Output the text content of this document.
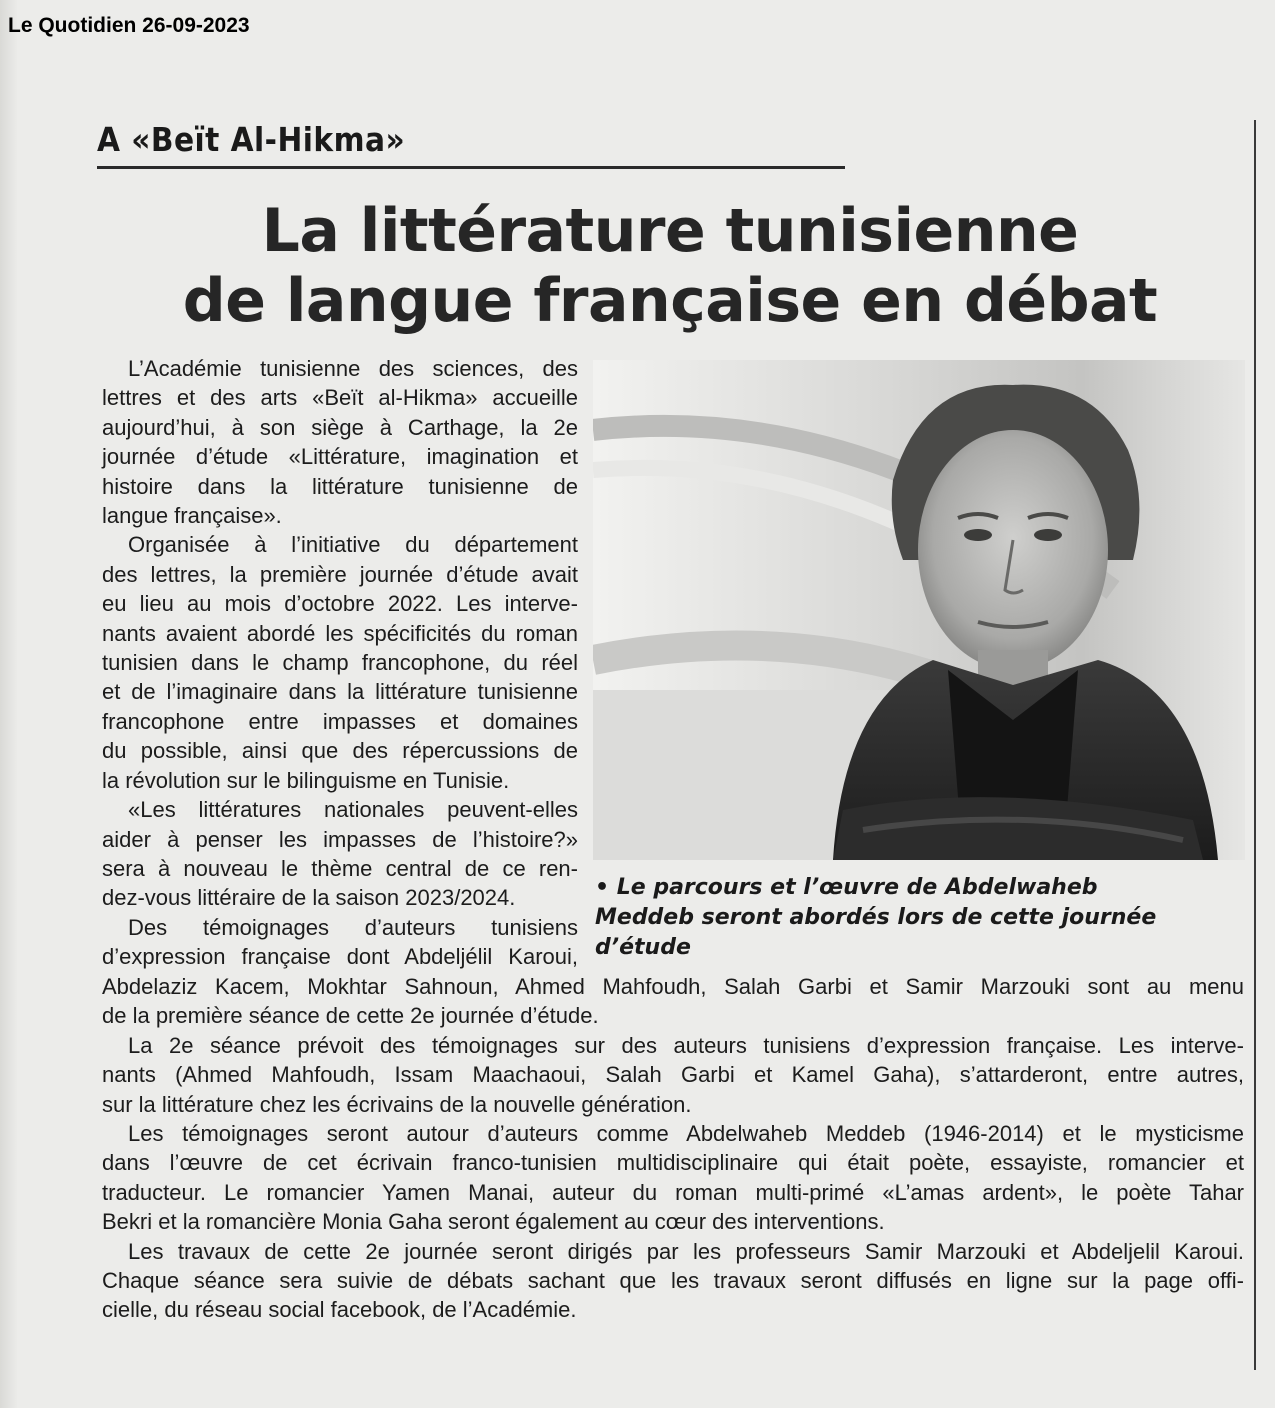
Le Quotidien 26-09-2023
A «Beït Al-Hikma»
La littérature tunisienne
de langue française en débat
• Le parcours et l’œuvre de Abdelwaheb
Meddeb seront abordés lors de cette journée
d’étude
L’Académie tunisienne des sciences, des
lettres et des arts «Beït al-Hikma» accueille
aujourd’hui, à son siège à Carthage, la 2e
journée d’étude «Littérature, imagination et
histoire dans la littérature tunisienne de
langue française».
Organisée à l’initiative du département
des lettres, la première journée d’étude avait
eu lieu au mois d’octobre 2022. Les interve-
nants avaient abordé les spécificités du roman
tunisien dans le champ francophone, du réel
et de l’imaginaire dans la littérature tunisienne
francophone entre impasses et domaines
du possible, ainsi que des répercussions de
la révolution sur le bilinguisme en Tunisie.
«Les littératures nationales peuvent-elles
aider à penser les impasses de l’histoire?»
sera à nouveau le thème central de ce ren-
dez-vous littéraire de la saison 2023/2024.
Des témoignages d’auteurs tunisiens
d’expression française dont Abdeljélil Karoui,
Abdelaziz Kacem, Mokhtar Sahnoun, Ahmed Mahfoudh, Salah Garbi et Samir Marzouki sont au menu
de la première séance de cette 2e journée d’étude.
La 2e séance prévoit des témoignages sur des auteurs tunisiens d’expression française. Les interve-
nants (Ahmed Mahfoudh, Issam Maachaoui, Salah Garbi et Kamel Gaha), s’attarderont, entre autres,
sur la littérature chez les écrivains de la nouvelle génération.
Les témoignages seront autour d’auteurs comme Abdelwaheb Meddeb (1946-2014) et le mysticisme
dans l’œuvre de cet écrivain franco-tunisien multidisciplinaire qui était poète, essayiste, romancier et
traducteur. Le romancier Yamen Manai, auteur du roman multi-primé «L’amas ardent», le poète Tahar
Bekri et la romancière Monia Gaha seront également au cœur des interventions.
Les travaux de cette 2e journée seront dirigés par les professeurs Samir Marzouki et Abdeljelil Karoui.
Chaque séance sera suivie de débats sachant que les travaux seront diffusés en ligne sur la page offi-
cielle, du réseau social facebook, de l’Académie.
